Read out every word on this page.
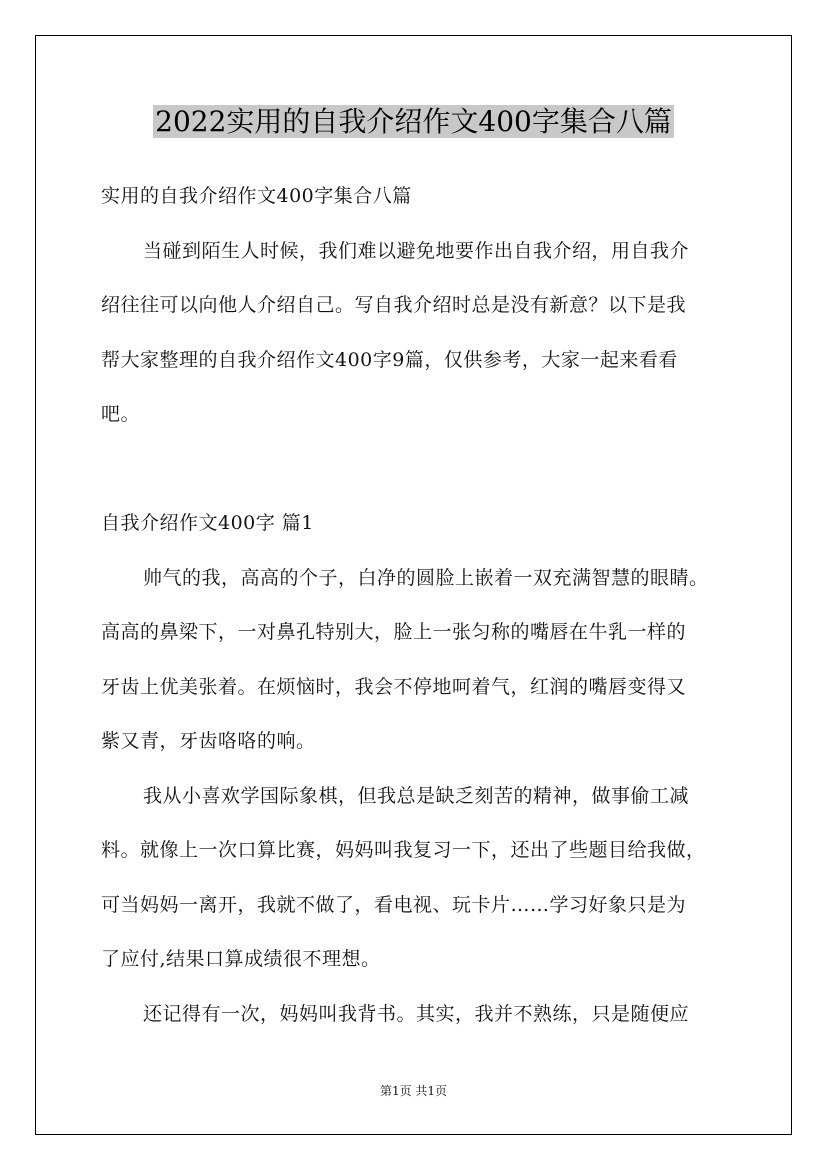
2022实用的自我介绍作文400字集合八篇
实用的自我介绍作文400字集合八篇
当碰到陌生人时候，我们难以避免地要作出自我介绍，用自我介
绍往往可以向他人介绍自己。写自我介绍时总是没有新意？以下是我
帮大家整理的自我介绍作文400字9篇，仅供参考，大家一起来看看
吧。
自我介绍作文400字 篇1
帅气的我，高高的个子，白净的圆脸上嵌着一双充满智慧的眼睛。
高高的鼻梁下，一对鼻孔特别大，脸上一张匀称的嘴唇在牛乳一样的
牙齿上优美张着。在烦恼时，我会不停地呵着气，红润的嘴唇变得又
紫又青，牙齿咯咯的响。
我从小喜欢学国际象棋，但我总是缺乏刻苦的精神，做事偷工减
料。就像上一次口算比赛，妈妈叫我复习一下，还出了些题目给我做，
可当妈妈一离开，我就不做了，看电视、玩卡片……学习好象只是为
了应付,结果口算成绩很不理想。
还记得有一次，妈妈叫我背书。其实，我并不熟练，只是随便应
第1页 共1页
